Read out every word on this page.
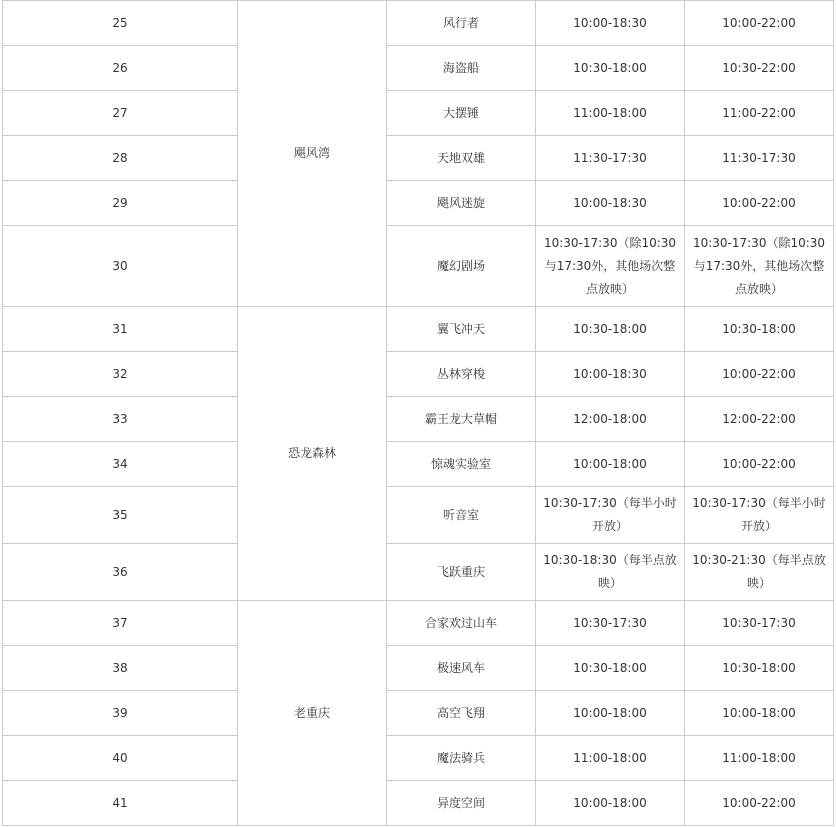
25	飓风湾	风行者	10:00-18:30	10:00-22:00
26		海盗船	10:30-18:00	10:30-22:00
27		大摆锤	11:00-18:00	11:00-22:00
28		天地双雄	11:30-17:30	11:30-17:30
29		飓风迷旋	10:00-18:30	10:00-22:00
30		魔幻剧场	10:30-17:30（除10:30与17:30外，其他场次整点放映）	10:30-17:30（除10:30与17:30外，其他场次整点放映）
31	恐龙森林	翼飞冲天	10:30-18:00	10:30-18:00
32		丛林穿梭	10:00-18:30	10:00-22:00
33		霸王龙大草帽	12:00-18:00	12:00-22:00
34		惊魂实验室	10:00-18:00	10:00-22:00
35		听音室	10:30-17:30（每半小时开放）	10:30-17:30（每半小时开放）
36		飞跃重庆	10:30-18:30（每半点放映）	10:30-21:30（每半点放映）
37	老重庆	合家欢过山车	10:30-17:30	10:30-17:30
38		极速风车	10:30-18:00	10:30-18:00
39		高空飞翔	10:00-18:00	10:00-18:00
40		魔法骑兵	11:00-18:00	11:00-18:00
41		异度空间	10:00-18:00	10:00-22:00
